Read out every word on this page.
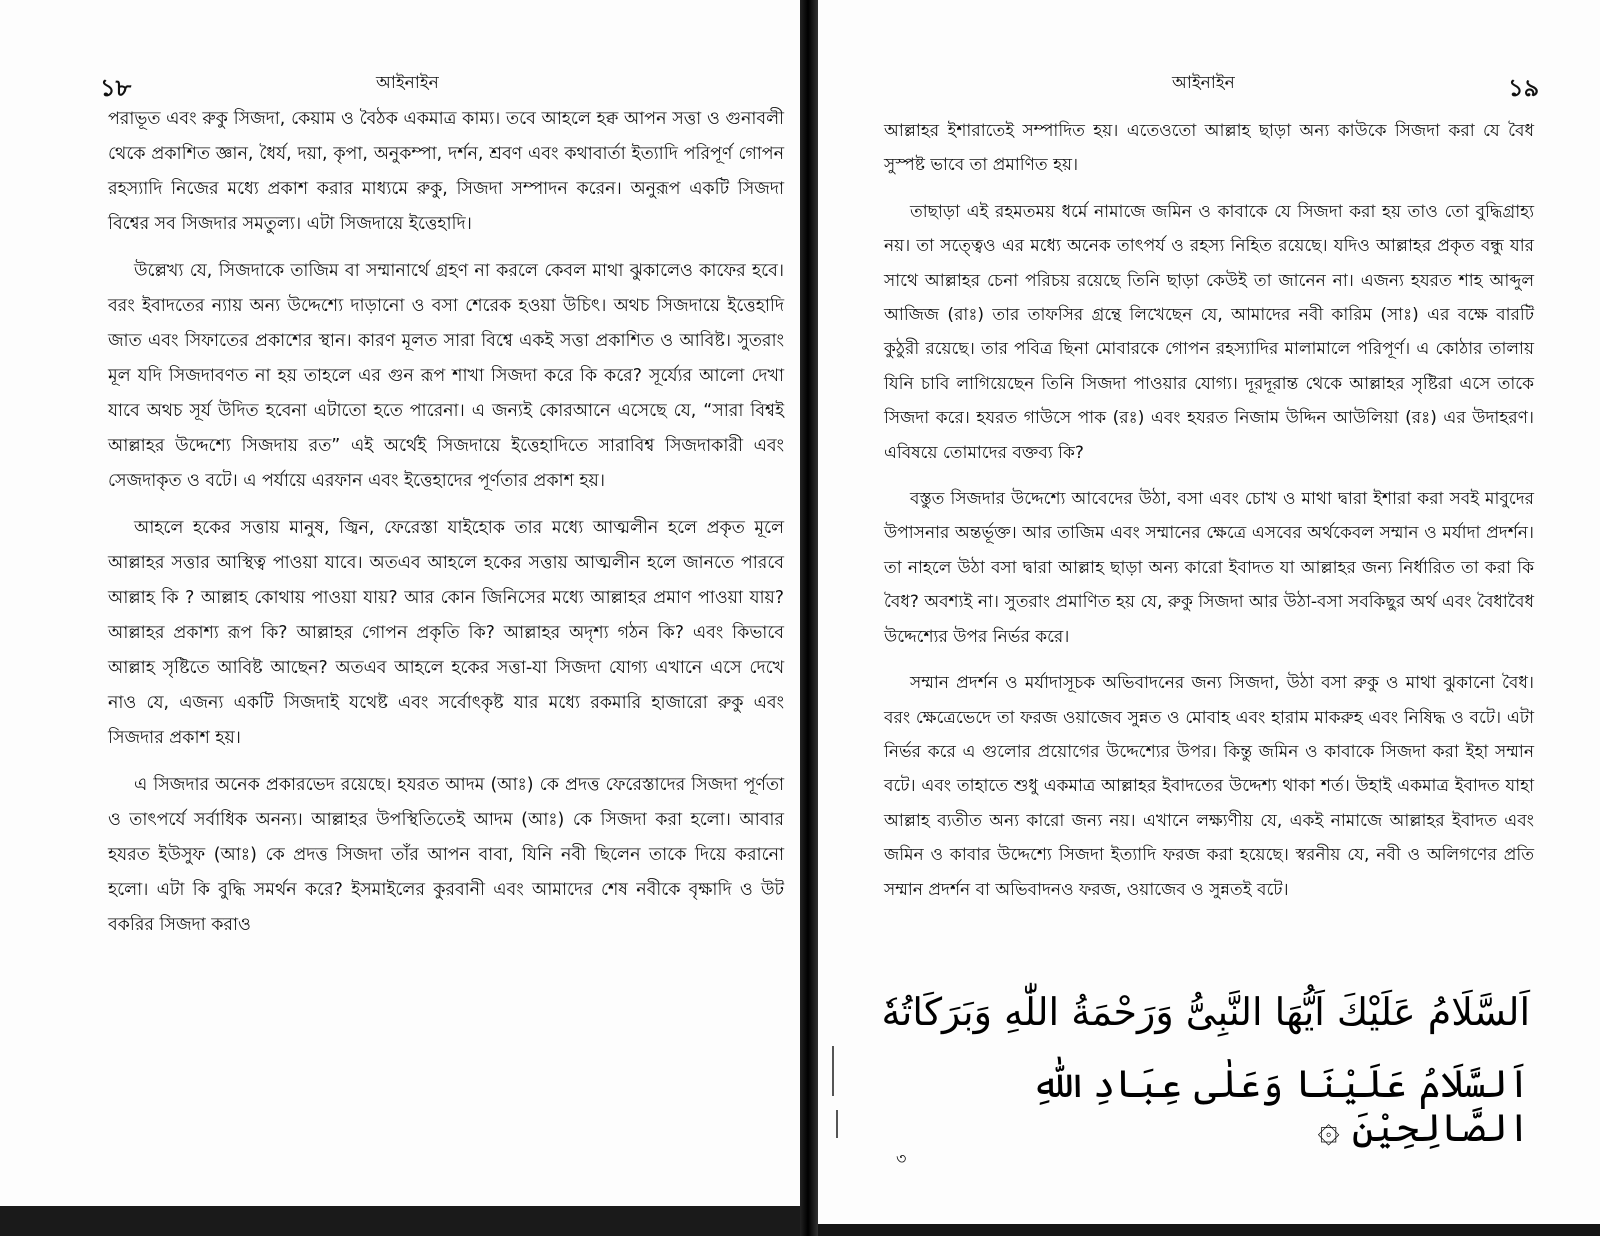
১৮	আইনাইন

পরাভূত এবং রুকু সিজদা, কেয়াম ও বৈঠক একমাত্র কাম্য। তবে আহলে হক্ব আপন সত্তা ও গুনাবলী থেকে প্রকাশিত জ্ঞান, ধৈর্য, দয়া, কৃপা, অনুকম্পা, দর্শন, শ্রবণ এবং কথাবার্তা ইত্যাদি পরিপূর্ণ গোপন রহস্যাদি নিজের মধ্যে প্রকাশ করার মাধ্যমে রুকু, সিজদা সম্পাদন করেন। অনুরূপ একটি সিজদা বিশ্বের সব সিজদার সমতুল্য। এটা সিজদায়ে ইত্তেহাদি।

উল্লেখ্য যে, সিজদাকে তাজিম বা সম্মানার্থে গ্রহণ না করলে কেবল মাথা ঝুকালেও কাফের হবে। বরং ইবাদতের ন্যায় অন্য উদ্দেশ্যে দাড়ানো ও বসা শেরেক হওয়া উচিৎ। অথচ সিজদায়ে ইত্তেহাদি জাত এবং সিফাতের প্রকাশের স্থান। কারণ মূলত সারা বিশ্বে একই সত্তা প্রকাশিত ও আবিষ্ট। সুতরাং মূল যদি সিজদাবণত না হয় তাহলে এর গুন রূপ শাখা সিজদা করে কি করে? সূর্য্যের আলো দেখা যাবে অথচ সূর্য উদিত হবেনা এটাতো হতে পারেনা। এ জন্যই কোরআনে এসেছে যে, “সারা বিশ্বই আল্লাহর উদ্দেশ্যে সিজদায় রত” এই অর্থেই সিজদায়ে ইত্তেহাদিতে সারাবিশ্ব সিজদাকারী এবং সেজদাকৃত ও বটে। এ পর্যায়ে এরফান এবং ইত্তেহাদের পূর্ণতার প্রকাশ হয়।

আহলে হকের সত্তায় মানুষ, জ্বিন, ফেরেস্তা যাইহোক তার মধ্যে আত্মলীন হলে প্রকৃত মূলে আল্লাহর সত্তার আস্থিত্ব পাওয়া যাবে। অতএব আহলে হকের সত্তায় আত্মলীন হলে জানতে পারবে আল্লাহ কি ? আল্লাহ কোথায় পাওয়া যায়? আর কোন জিনিসের মধ্যে আল্লাহর প্রমাণ পাওয়া যায়? আল্লাহর প্রকাশ্য রূপ কি? আল্লাহর গোপন প্রকৃতি কি? আল্লাহর অদৃশ্য গঠন কি? এবং কিভাবে আল্লাহ সৃষ্টিতে আবিষ্ট আছেন? অতএব আহলে হকের সত্তা-যা সিজদা যোগ্য এখানে এসে দেখে নাও যে, এজন্য একটি সিজদাই যথেষ্ট এবং সর্বোৎকৃষ্ট যার মধ্যে রকমারি হাজারো রুকু এবং সিজদার প্রকাশ হয়।

এ সিজদার অনেক প্রকারভেদ রয়েছে। হযরত আদম (আঃ) কে প্রদত্ত ফেরেস্তাদের সিজদা পূর্ণতা ও তাৎপর্যে সর্বাধিক অনন্য। আল্লাহর উপস্থিতিতেই আদম (আঃ) কে সিজদা করা হলো। আবার হযরত ইউসুফ (আঃ) কে প্রদত্ত সিজদা তাঁর আপন বাবা, যিনি নবী ছিলেন তাকে দিয়ে করানো হলো। এটা কি বুদ্ধি সমর্থন করে? ইসমাইলের কুরবানী এবং আমাদের শেষ নবীকে বৃক্ষাদি ও উট বকরির সিজদা করাও

আইনাইন	১৯

আল্লাহর ইশারাতেই সম্পাদিত হয়। এতেওতো আল্লাহ ছাড়া অন্য কাউকে সিজদা করা যে বৈধ সুস্পষ্ট ভাবে তা প্রমাণিত হয়।

তাছাড়া এই রহমতময় ধর্মে নামাজে জমিন ও কাবাকে যে সিজদা করা হয় তাও তো বুদ্ধিগ্রাহ্য নয়। তা সত্ত্বেও এর মধ্যে অনেক তাৎপর্য ও রহস্য নিহিত রয়েছে। যদিও আল্লাহর প্রকৃত বন্ধু যার সাথে আল্লাহর চেনা পরিচয় রয়েছে তিনি ছাড়া কেউই তা জানেন না। এজন্য হযরত শাহ আব্দুল আজিজ (রাঃ) তার তাফসির গ্রন্থে লিখেছেন যে, আমাদের নবী কারিম (সাঃ) এর বক্ষে বারটি কুঠুরী রয়েছে। তার পবিত্র ছিনা মোবারকে গোপন রহস্যাদির মালামালে পরিপূর্ণ। এ কোঠার তালায় যিনি চাবি লাগিয়েছেন তিনি সিজদা পাওয়ার যোগ্য। দূরদূরান্ত থেকে আল্লাহর সৃষ্টিরা এসে তাকে সিজদা করে। হযরত গাউসে পাক (রঃ) এবং হযরত নিজাম উদ্দিন আউলিয়া (রঃ) এর উদাহরণ। এবিষয়ে তোমাদের বক্তব্য কি?

বস্তুত সিজদার উদ্দেশ্যে আবেদের উঠা, বসা এবং চোখ ও মাথা দ্বারা ইশারা করা সবই মাবুদের উপাসনার অন্তর্ভূক্ত। আর তাজিম এবং সম্মানের ক্ষেত্রে এসবের অর্থকেবল সম্মান ও মর্যাদা প্রদর্শন। তা নাহলে উঠা বসা দ্বারা আল্লাহ ছাড়া অন্য কারো ইবাদত যা আল্লাহর জন্য নির্ধারিত তা করা কি বৈধ? অবশ্যই না। সুতরাং প্রমাণিত হয় যে, রুকু সিজদা আর উঠা-বসা সবকিছুর অর্থ এবং বৈধাবৈধ উদ্দেশ্যের উপর নির্ভর করে।

সম্মান প্রদর্শন ও মর্যাদাসূচক অভিবাদনের জন্য সিজদা, উঠা বসা রুকু ও মাথা ঝুকানো বৈধ। বরং ক্ষেত্রেভেদে তা ফরজ ওয়াজেব সুন্নত ও মোবাহ এবং হারাম মাকরুহ এবং নিষিদ্ধ ও বটে। এটা নির্ভর করে এ গুলোর প্রয়োগের উদ্দেশ্যের উপর। কিন্তু জমিন ও কাবাকে সিজদা করা ইহা সম্মান বটে। এবং তাহাতে শুধু একমাত্র আল্লাহর ইবাদতের উদ্দেশ্য থাকা শর্ত। উহাই একমাত্র ইবাদত যাহা আল্লাহ ব্যতীত অন্য কারো জন্য নয়। এখানে লক্ষ্যণীয় যে, একই নামাজে আল্লাহর ইবাদত এবং জমিন ও কাবার উদ্দেশ্যে সিজদা ইত্যাদি ফরজ করা হয়েছে। স্বরনীয় যে, নবী ও অলিগণের প্রতি সম্মান প্রদর্শন বা অভিবাদনও ফরজ, ওয়াজেব ও সুন্নতই বটে।

اَلسَّلَامُ عَلَيْكَ اَيُّهَا النَّبِىُّ وَرَحْمَةُ اللّٰهِ وَبَرَكَاتُهٗ
اَلسَّلَامُ عَلَيْنَا وَعَلٰى عِبَادِ اللّٰهِ الصَّالِحِيْنَ ۞
৩
